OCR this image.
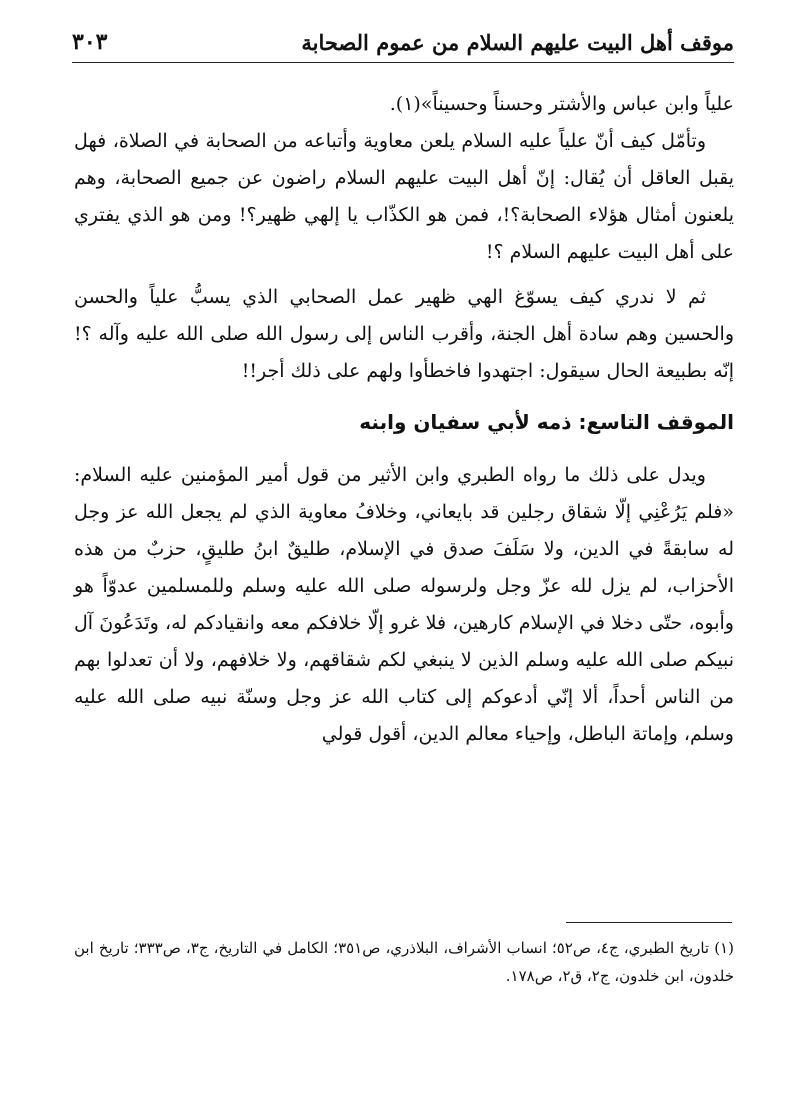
موقف أهل البيت عليهم السلام من عموم الصحابة
٣٠٣

علياً وابن عباس والأشتر وحسناً وحسيناً»(١).

وتأمّل كيف أنّ علياً عليه السلام يلعن معاوية وأتباعه من الصحابة في الصلاة، فهل يقبل العاقل أن يُقال: إنّ أهل البيت عليهم السلام راضون عن جميع الصحابة، وهم يلعنون أمثال هؤلاء الصحابة؟!، فمن هو الكذّاب يا إلهي ظهير؟! ومن هو الذي يفتري على أهل البيت عليهم السلام ؟!

ثم لا ندري كيف يسوّغ الهي ظهير عمل الصحابي الذي يسبُّ علياً والحسن والحسين وهم سادة أهل الجنة، وأقرب الناس إلى رسول الله صلى الله عليه وآله ؟! إنّه بطبيعة الحال سيقول: اجتهدوا فاخطأوا ولهم على ذلك أجر!!

الموقف التاسع: ذمه لأبي سفيان وابنه

ويدل على ذلك ما رواه الطبري وابن الأثير من قول أمير المؤمنين عليه السلام: «فلم يَرُعْنِي إلّا شقاق رجلين قد بايعاني، وخلافُ معاوية الذي لم يجعل الله عز وجل له سابقةً في الدين، ولا سَلَفَ صدق في الإسلام، طليقٌ ابنُ طليقٍ، حزبٌ من هذه الأحزاب، لم يزل لله عزّ وجل ولرسوله صلى الله عليه وسلم وللمسلمين عدوّاً هو وأبوه، حتّى دخلا في الإسلام كارهين، فلا غرو إلّا خلافكم معه وانقيادكم له، وتَدَعُونَ آل نبيكم صلى الله عليه وسلم الذين لا ينبغي لكم شقاقهم، ولا خلافهم، ولا أن تعدلوا بهم من الناس أحداً، ألا إنّي أدعوكم إلى كتاب الله عز وجل وسنّة نبيه صلى الله عليه وسلم، وإماتة الباطل، وإحياء معالم الدين، أقول قولي

(١) تاريخ الطبري، ج٤، ص٥٢؛ انساب الأشراف، البلاذري، ص٣٥١؛ الكامل في التاريخ، ج٣، ص٣٣٣؛ تاريخ ابن خلدون، ابن خلدون، ج٢، ق٢، ص١٧٨.
